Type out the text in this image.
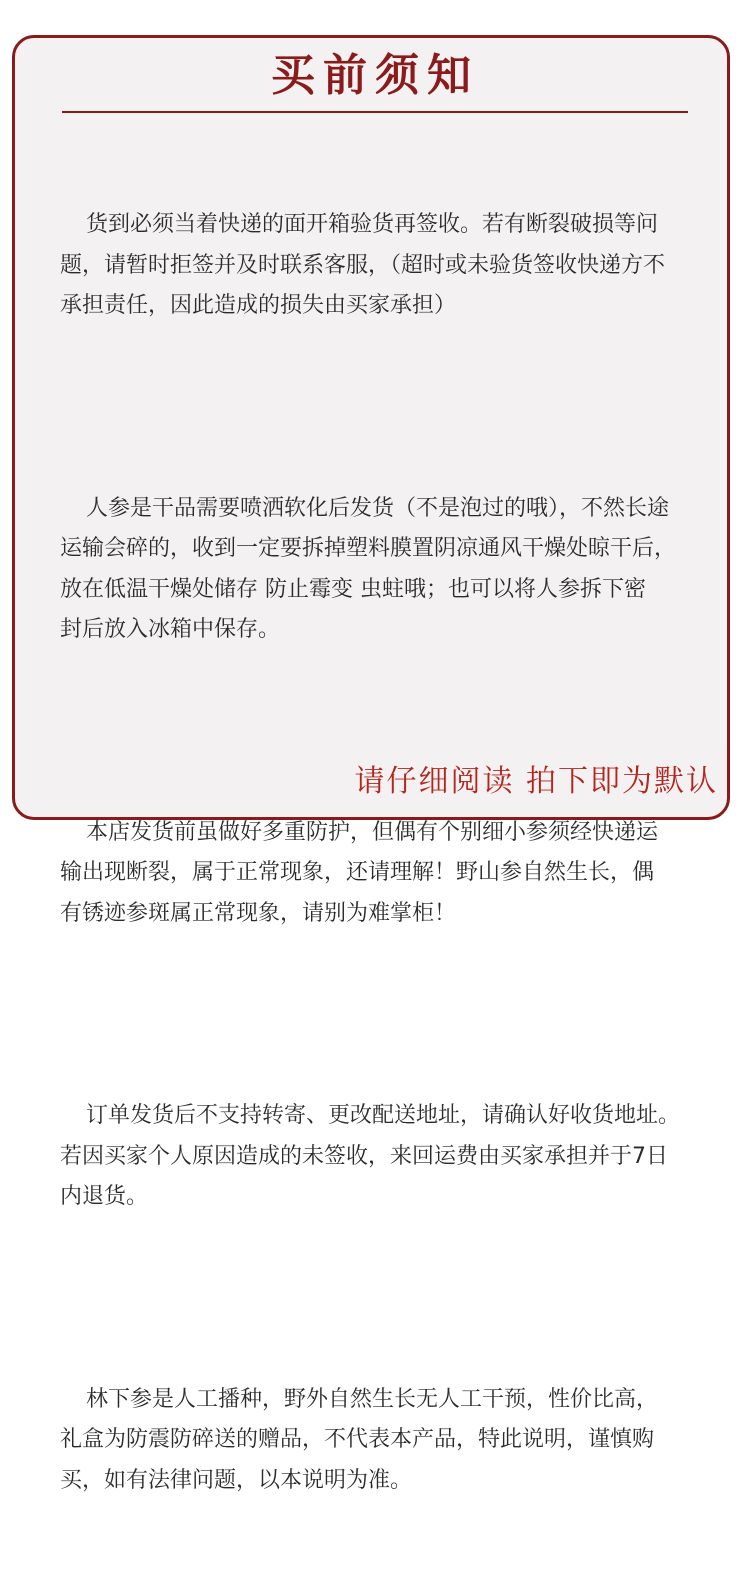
买前须知

货到必须当着快递的面开箱验货再签收。若有断裂破损等问
题，请暂时拒签并及时联系客服，（超时或未验货签收快递方不
承担责任，因此造成的损失由买家承担）

人参是干品需要喷洒软化后发货（不是泡过的哦），不然长途
运输会碎的，收到一定要拆掉塑料膜置阴凉通风干燥处晾干后，
放在低温干燥处储存 防止霉变 虫蛀哦；也可以将人参拆下密
封后放入冰箱中保存。

本店发货前虽做好多重防护，但偶有个别细小参须经快递运
输出现断裂，属于正常现象，还请理解！野山参自然生长，偶
有锈迹参斑属正常现象，请别为难掌柜！

订单发货后不支持转寄、更改配送地址，请确认好收货地址。
若因买家个人原因造成的未签收，来回运费由买家承担并于7日
内退货。

林下参是人工播种，野外自然生长无人工干预，性价比高，
礼盒为防震防碎送的赠品，不代表本产品，特此说明，谨慎购
买，如有法律问题，以本说明为准。

请仔细阅读 拍下即为默认
